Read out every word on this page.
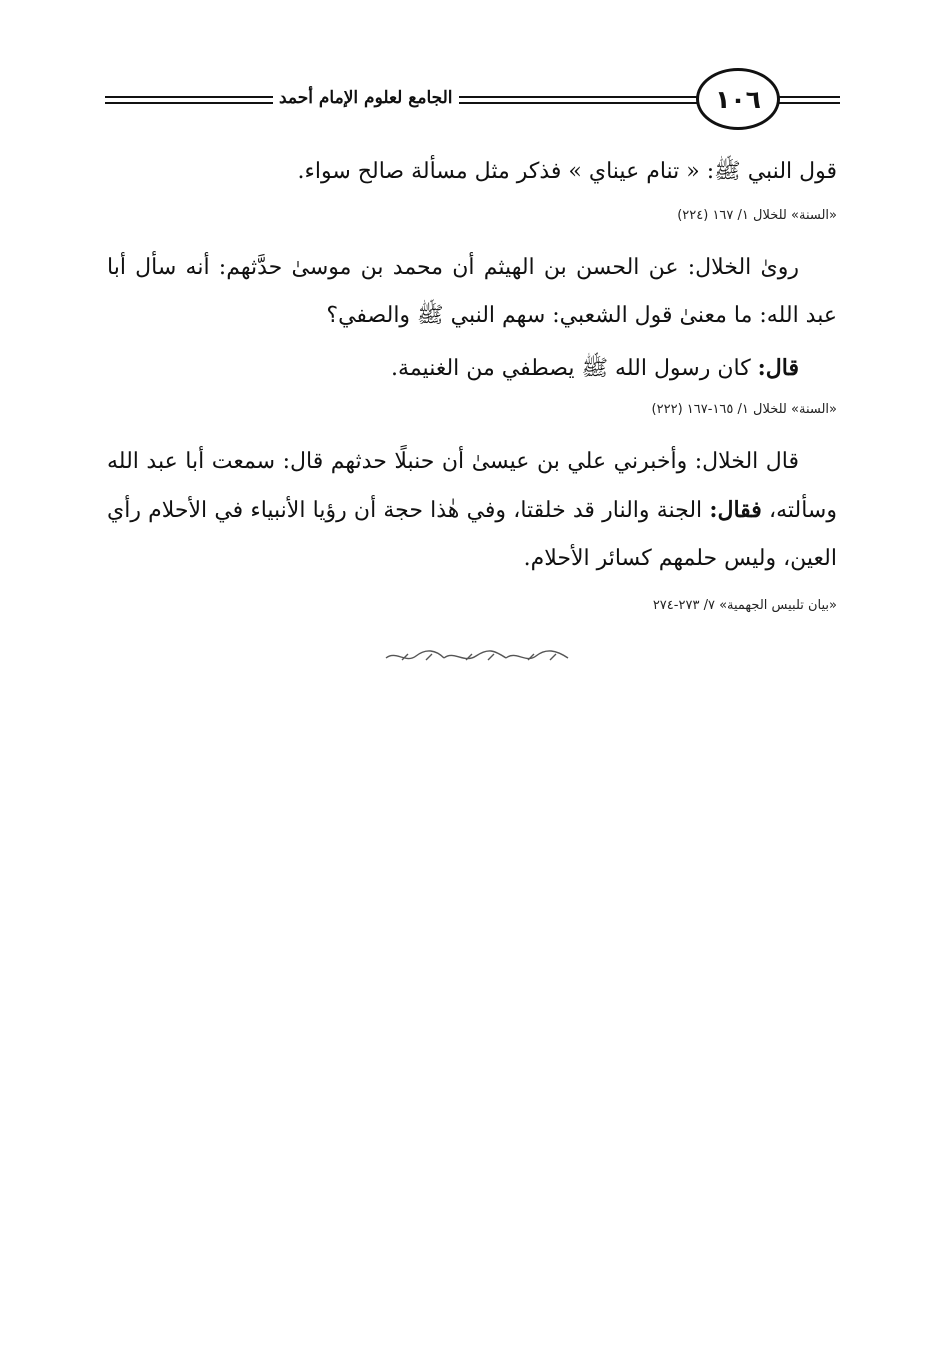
الجامع لعلوم الإمام أحمد	١٠٦
قول النبي ﷺ: « تنام عيناي » فذكر مثل مسألة صالح سواء.
«السنة» للخلال ١/ ١٦٧ (٢٢٤)
روىٰ الخلال: عن الحسن بن الهيثم أن محمد بن موسىٰ حدَّثهم: أنه سأل أبا عبد الله: ما معنىٰ قول الشعبي: سهم النبي ﷺ والصفي؟
قال: كان رسول الله ﷺ يصطفي من الغنيمة.
«السنة» للخلال ١/ ١٦٥-١٦٧ (٢٢٢)
قال الخلال: وأخبرني علي بن عيسىٰ أن حنبلًا حدثهم قال: سمعت أبا عبد الله وسألته، فقال: الجنة والنار قد خلقتا، وفي هٰذا حجة أن رؤيا الأنبياء في الأحلام رأي العين، وليس حلمهم كسائر الأحلام.
«بيان تلبيس الجهمية» ٧/ ٢٧٣-٢٧٤
